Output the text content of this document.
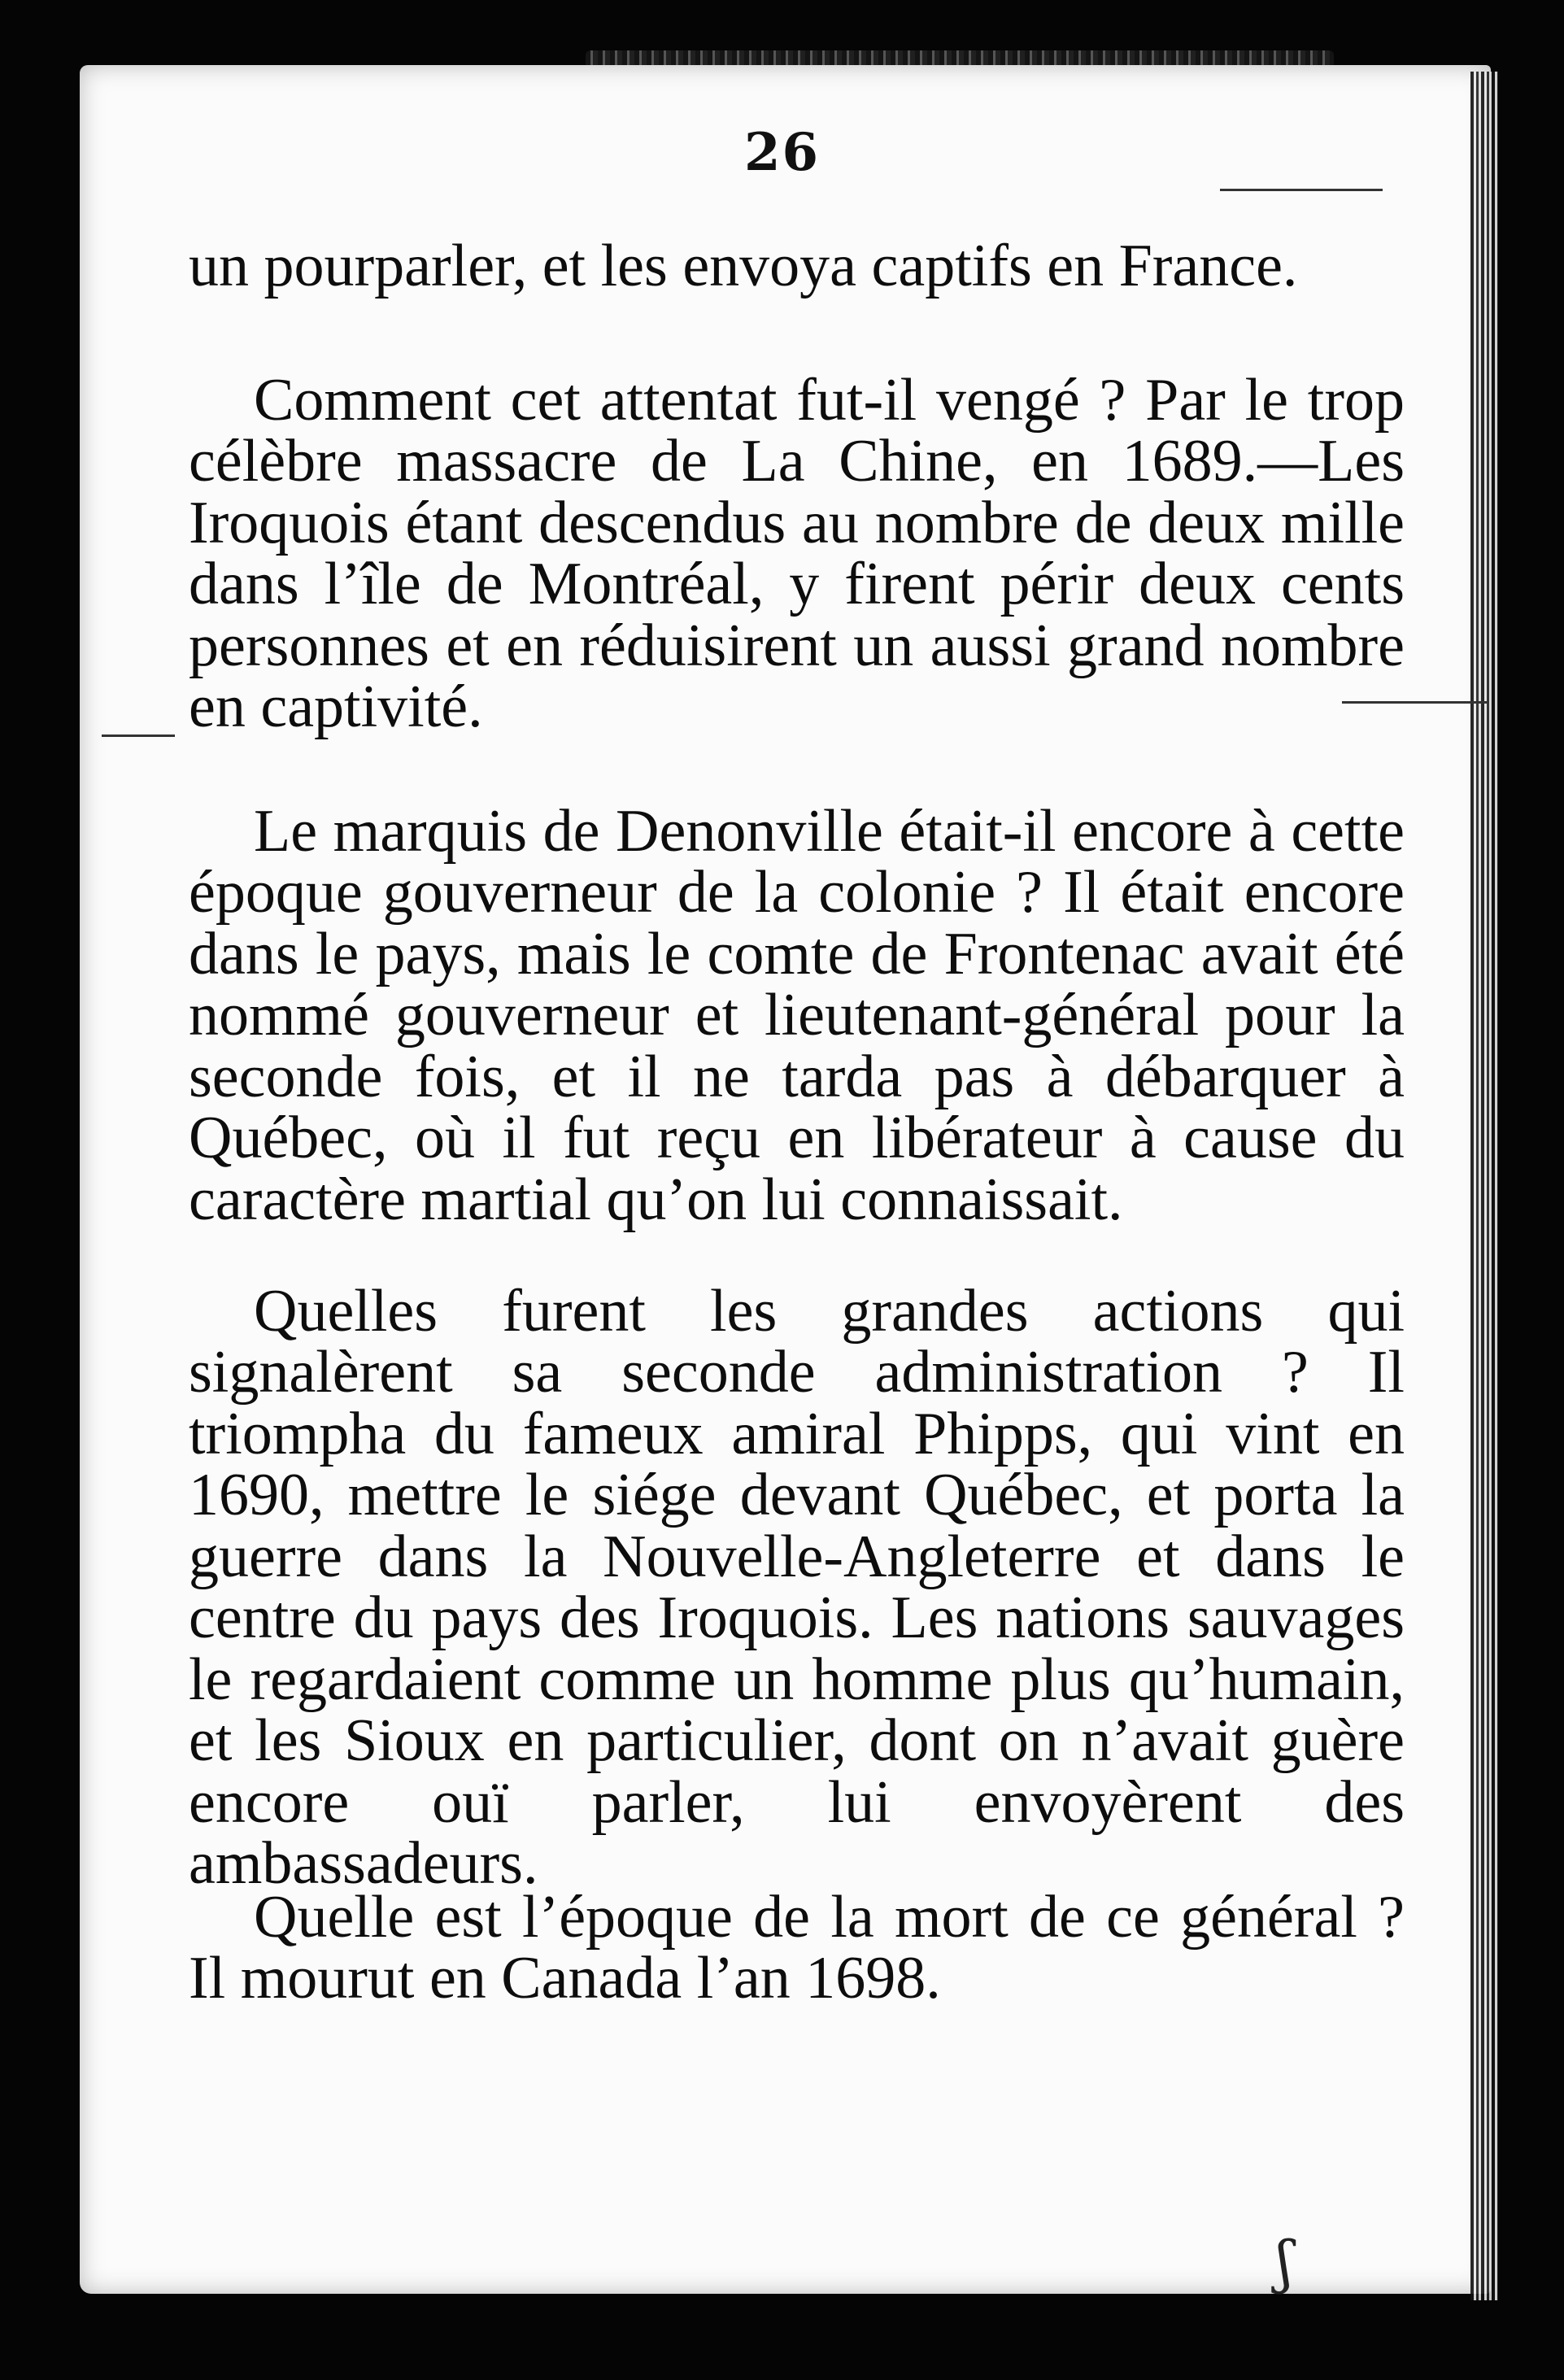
26

un pourparler, et les envoya captifs en France.

Comment cet attentat fut-il vengé ? Par le trop célèbre massacre de La Chine, en 1689.—Les Iroquois étant descendus au nombre de deux mille dans l’île de Montréal, y firent périr deux cents personnes et en réduisirent un aussi grand nombre en captivité.

Le marquis de Denonville était-il encore à cette époque gouverneur de la colonie ? Il était encore dans le pays, mais le comte de Frontenac avait été nommé gouverneur et lieutenant-général pour la seconde fois, et il ne tarda pas à débarquer à Québec, où il fut reçu en libérateur à cause du caractère martial qu’on lui connaissait.

Quelles furent les grandes actions qui signalèrent sa seconde administration ? Il triompha du fameux amiral Phipps, qui vint en 1690, mettre le siége devant Québec, et porta la guerre dans la Nouvelle-Angleterre et dans le centre du pays des Iroquois. Les nations sauvages le regardaient comme un homme plus qu’humain, et les Sioux en particulier, dont on n’avait guère encore ouï parler, lui envoyèrent des ambassadeurs.

Quelle est l’époque de la mort de ce général ? Il mourut en Canada l’an 1698.

ʃ
